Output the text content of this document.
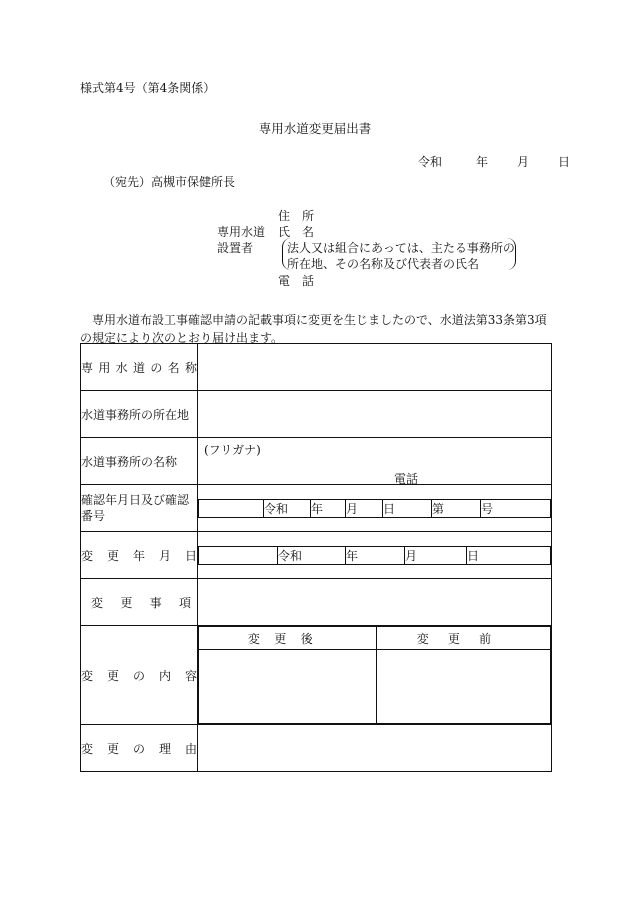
様式第4号（第4条関係）
専用水道変更届出書
令和	年 月 日
（宛先）高槻市保健所長
住　所
専用水道 氏　名
設置者	法人又は組合にあっては、主たる事務所の
所在地、その名称及び代表者の氏名
電　話
専用水道布設工事確認申請の記載事項に変更を生じましたので、水道法第33条第3項の規定により次のとおり届け出ます。
専 用 水 道 の 名 称

水道事務所の所在地

水道事務所の名称

(フリガナ)
電話

確認年月日及び確認番号

	令和	年	月	日	第	号

変 更 年 月 日

		令和	年	月	日

変 更 事 項

変 更 の 内 容

変更後	変更前

変 更 の 理 由
